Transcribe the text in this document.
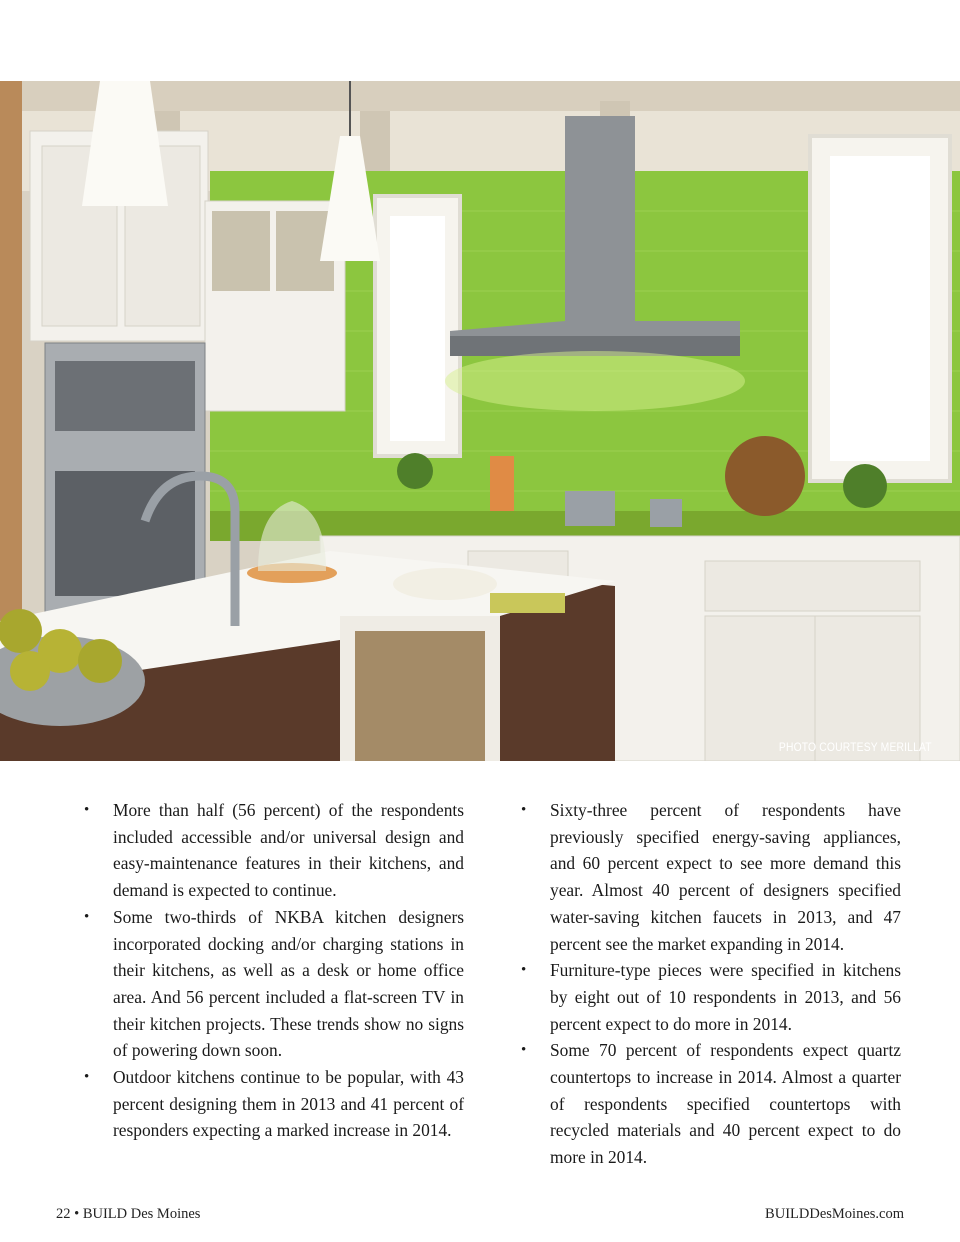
PHOTO COURTESY MERILLAT
• More than half (56 percent) of the respondents included accessible and/or universal design and easy-maintenance features in their kitchens, and demand is expected to continue.
• Some two-thirds of NKBA kitchen designers incorporated docking and/or charging stations in their kitchens, as well as a desk or home office area. And 56 percent included a flat-screen TV in their kitchen projects. These trends show no signs of powering down soon.
• Outdoor kitchens continue to be popular, with 43 percent designing them in 2013 and 41 percent of responders expecting a marked increase in 2014.
• Sixty-three percent of respondents have previously specified energy-saving appliances, and 60 percent expect to see more demand this year. Almost 40 percent of designers specified water-saving kitchen faucets in 2013, and 47 percent see the market expanding in 2014.
• Furniture-type pieces were specified in kitchens by eight out of 10 respondents in 2013, and 56 percent expect to do more in 2014.
• Some 70 percent of respondents expect quartz countertops to increase in 2014. Almost a quarter of respondents specified countertops with recycled materials and 40 percent expect to do more in 2014.
22 • BUILD Des Moines	BUILDDesMoines.com
